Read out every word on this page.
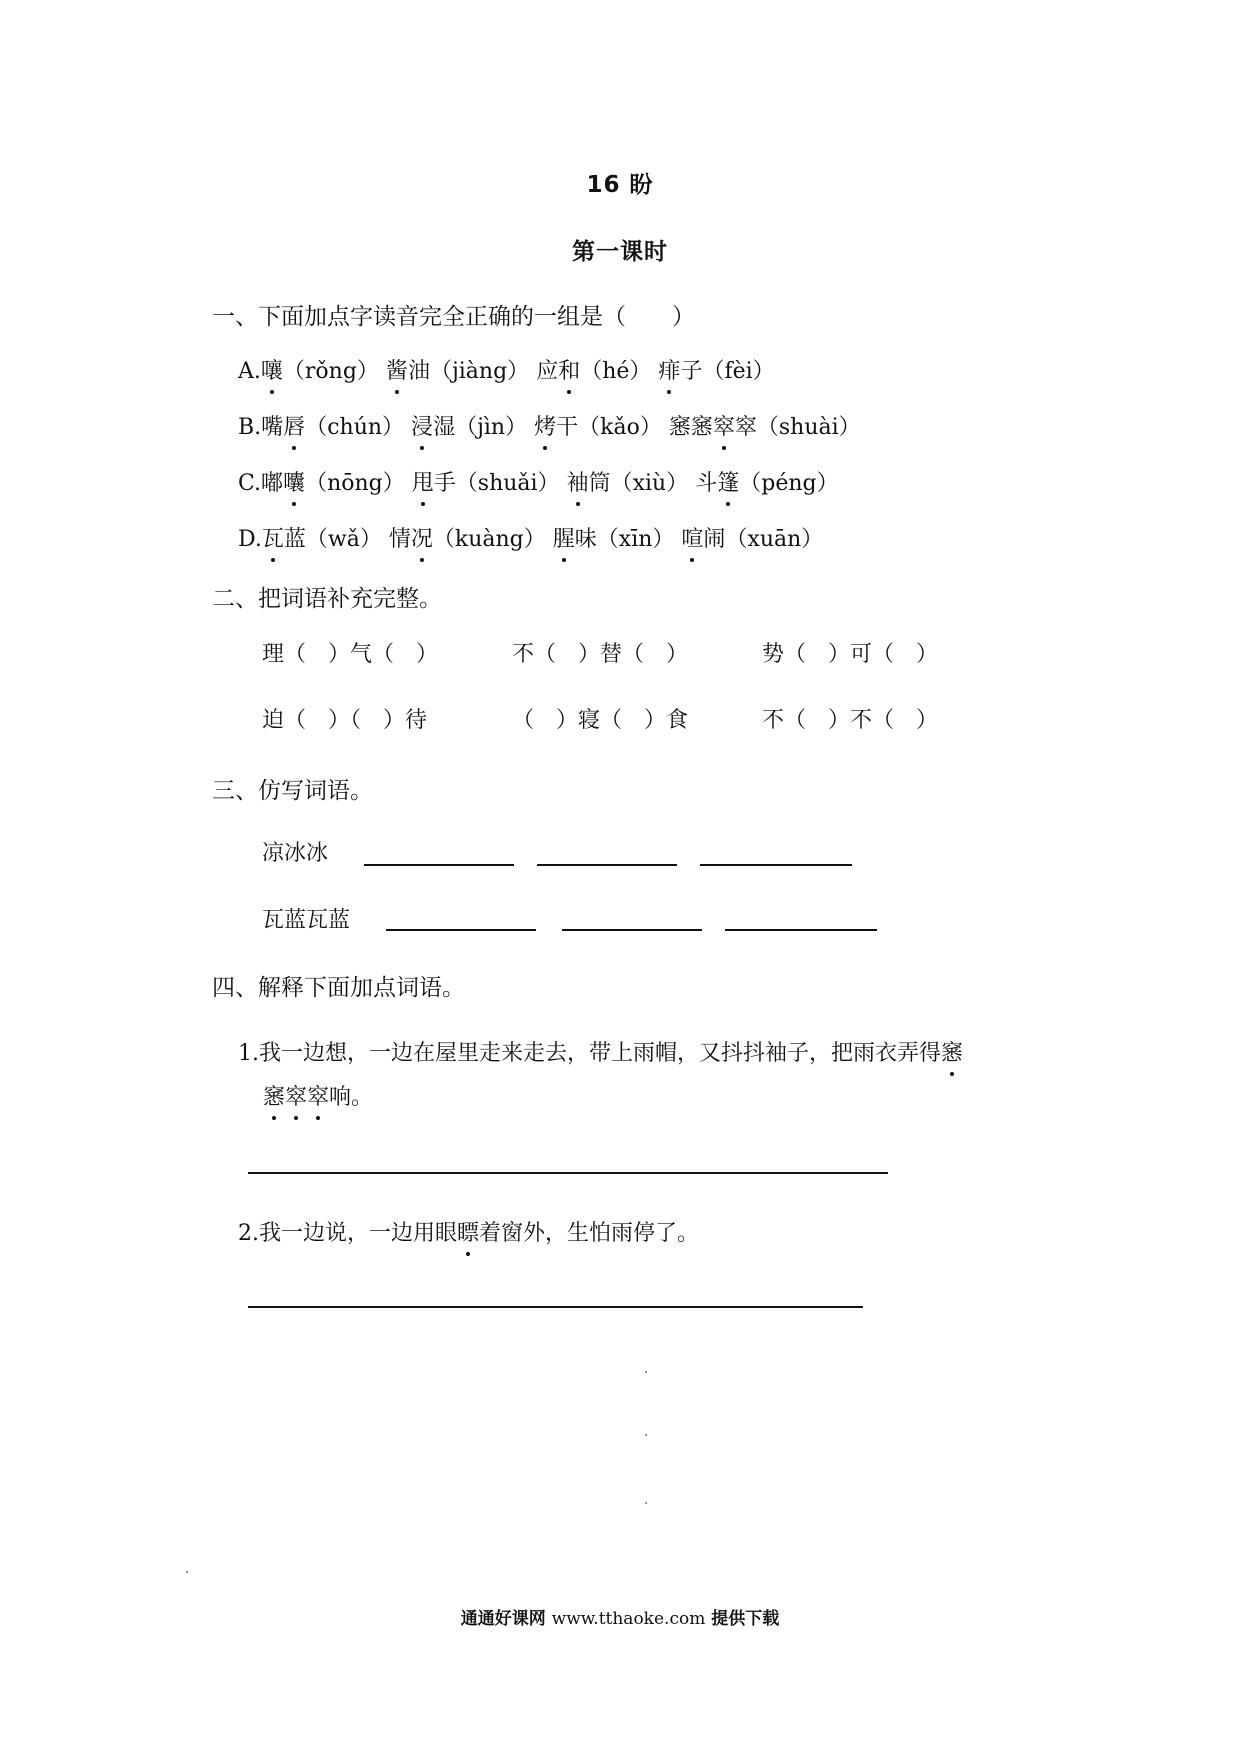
16 盼
第一课时
一、下面加点字读音完全正确的一组是（　　）
A.嚷（rǒng） 酱油（jiàng） 应和（hé） 痱子（fèi）
B.嘴唇（chún） 浸湿（jìn） 烤干（kǎo） 窸窸窣窣（shuài）
C.嘟囔（nōng） 甩手（shuǎi） 袖筒（xiù） 斗篷（péng）
D.瓦蓝（wǎ） 情况（kuàng） 腥味（xīn） 喧闹（xuān）
二、把词语补充完整。
理（　）气（　）	不（　）替（　）	势（　）可（　）
迫（　）（　）待	（　）寝（　）食	不（　）不（　）
三、仿写词语。
凉冰冰
瓦蓝瓦蓝
四、解释下面加点词语。
1.我一边想，一边在屋里走来走去，带上雨帽，又抖抖袖子，把雨衣弄得窸
窸窣窣响。
2.我一边说，一边用眼瞟着窗外，生怕雨停了。
通通好课网 www.tthaoke.com 提供下载
